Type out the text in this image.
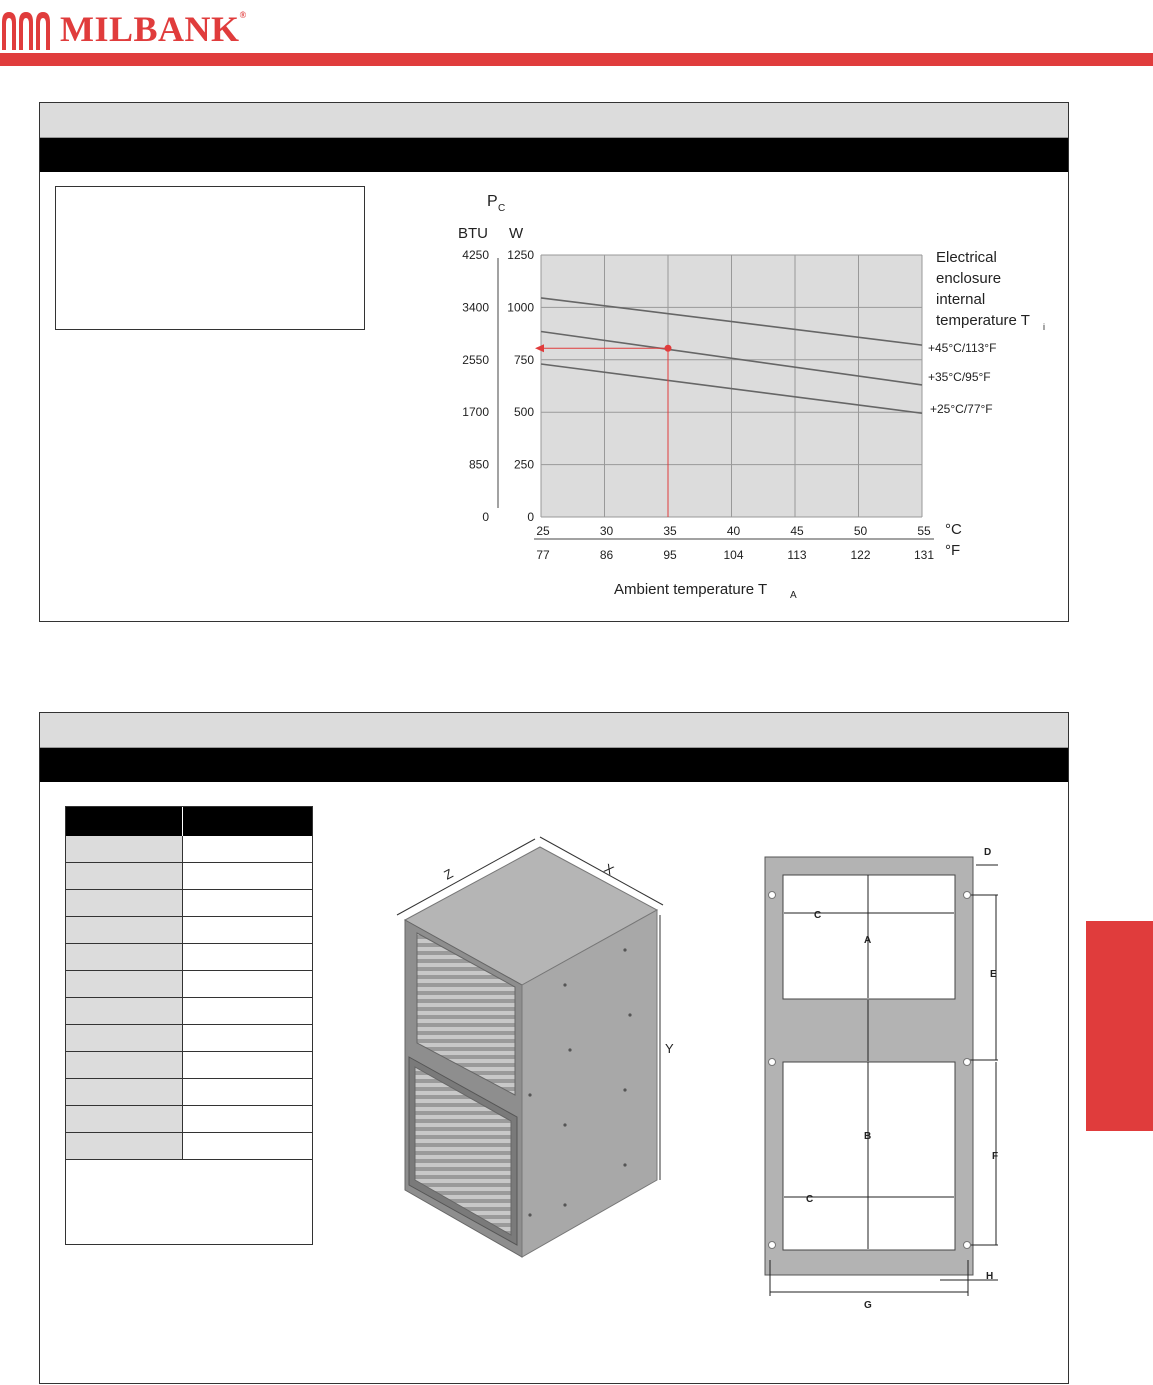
MILBANK®
1250
1000
750
500
250
0
4250
3400
2550
1700
850
0
P C
BTU W
25	30	35	40	45	50	55
77	86	95	104	113	122	131
°C
°F
Ambient temperature T A
+45°C/113°F
+35°C/95°F
+25°C/77°F
Electrical
enclosure
internal
temperature T i
Z	X
Y
D
C
A
E
B
C
F
H
G
